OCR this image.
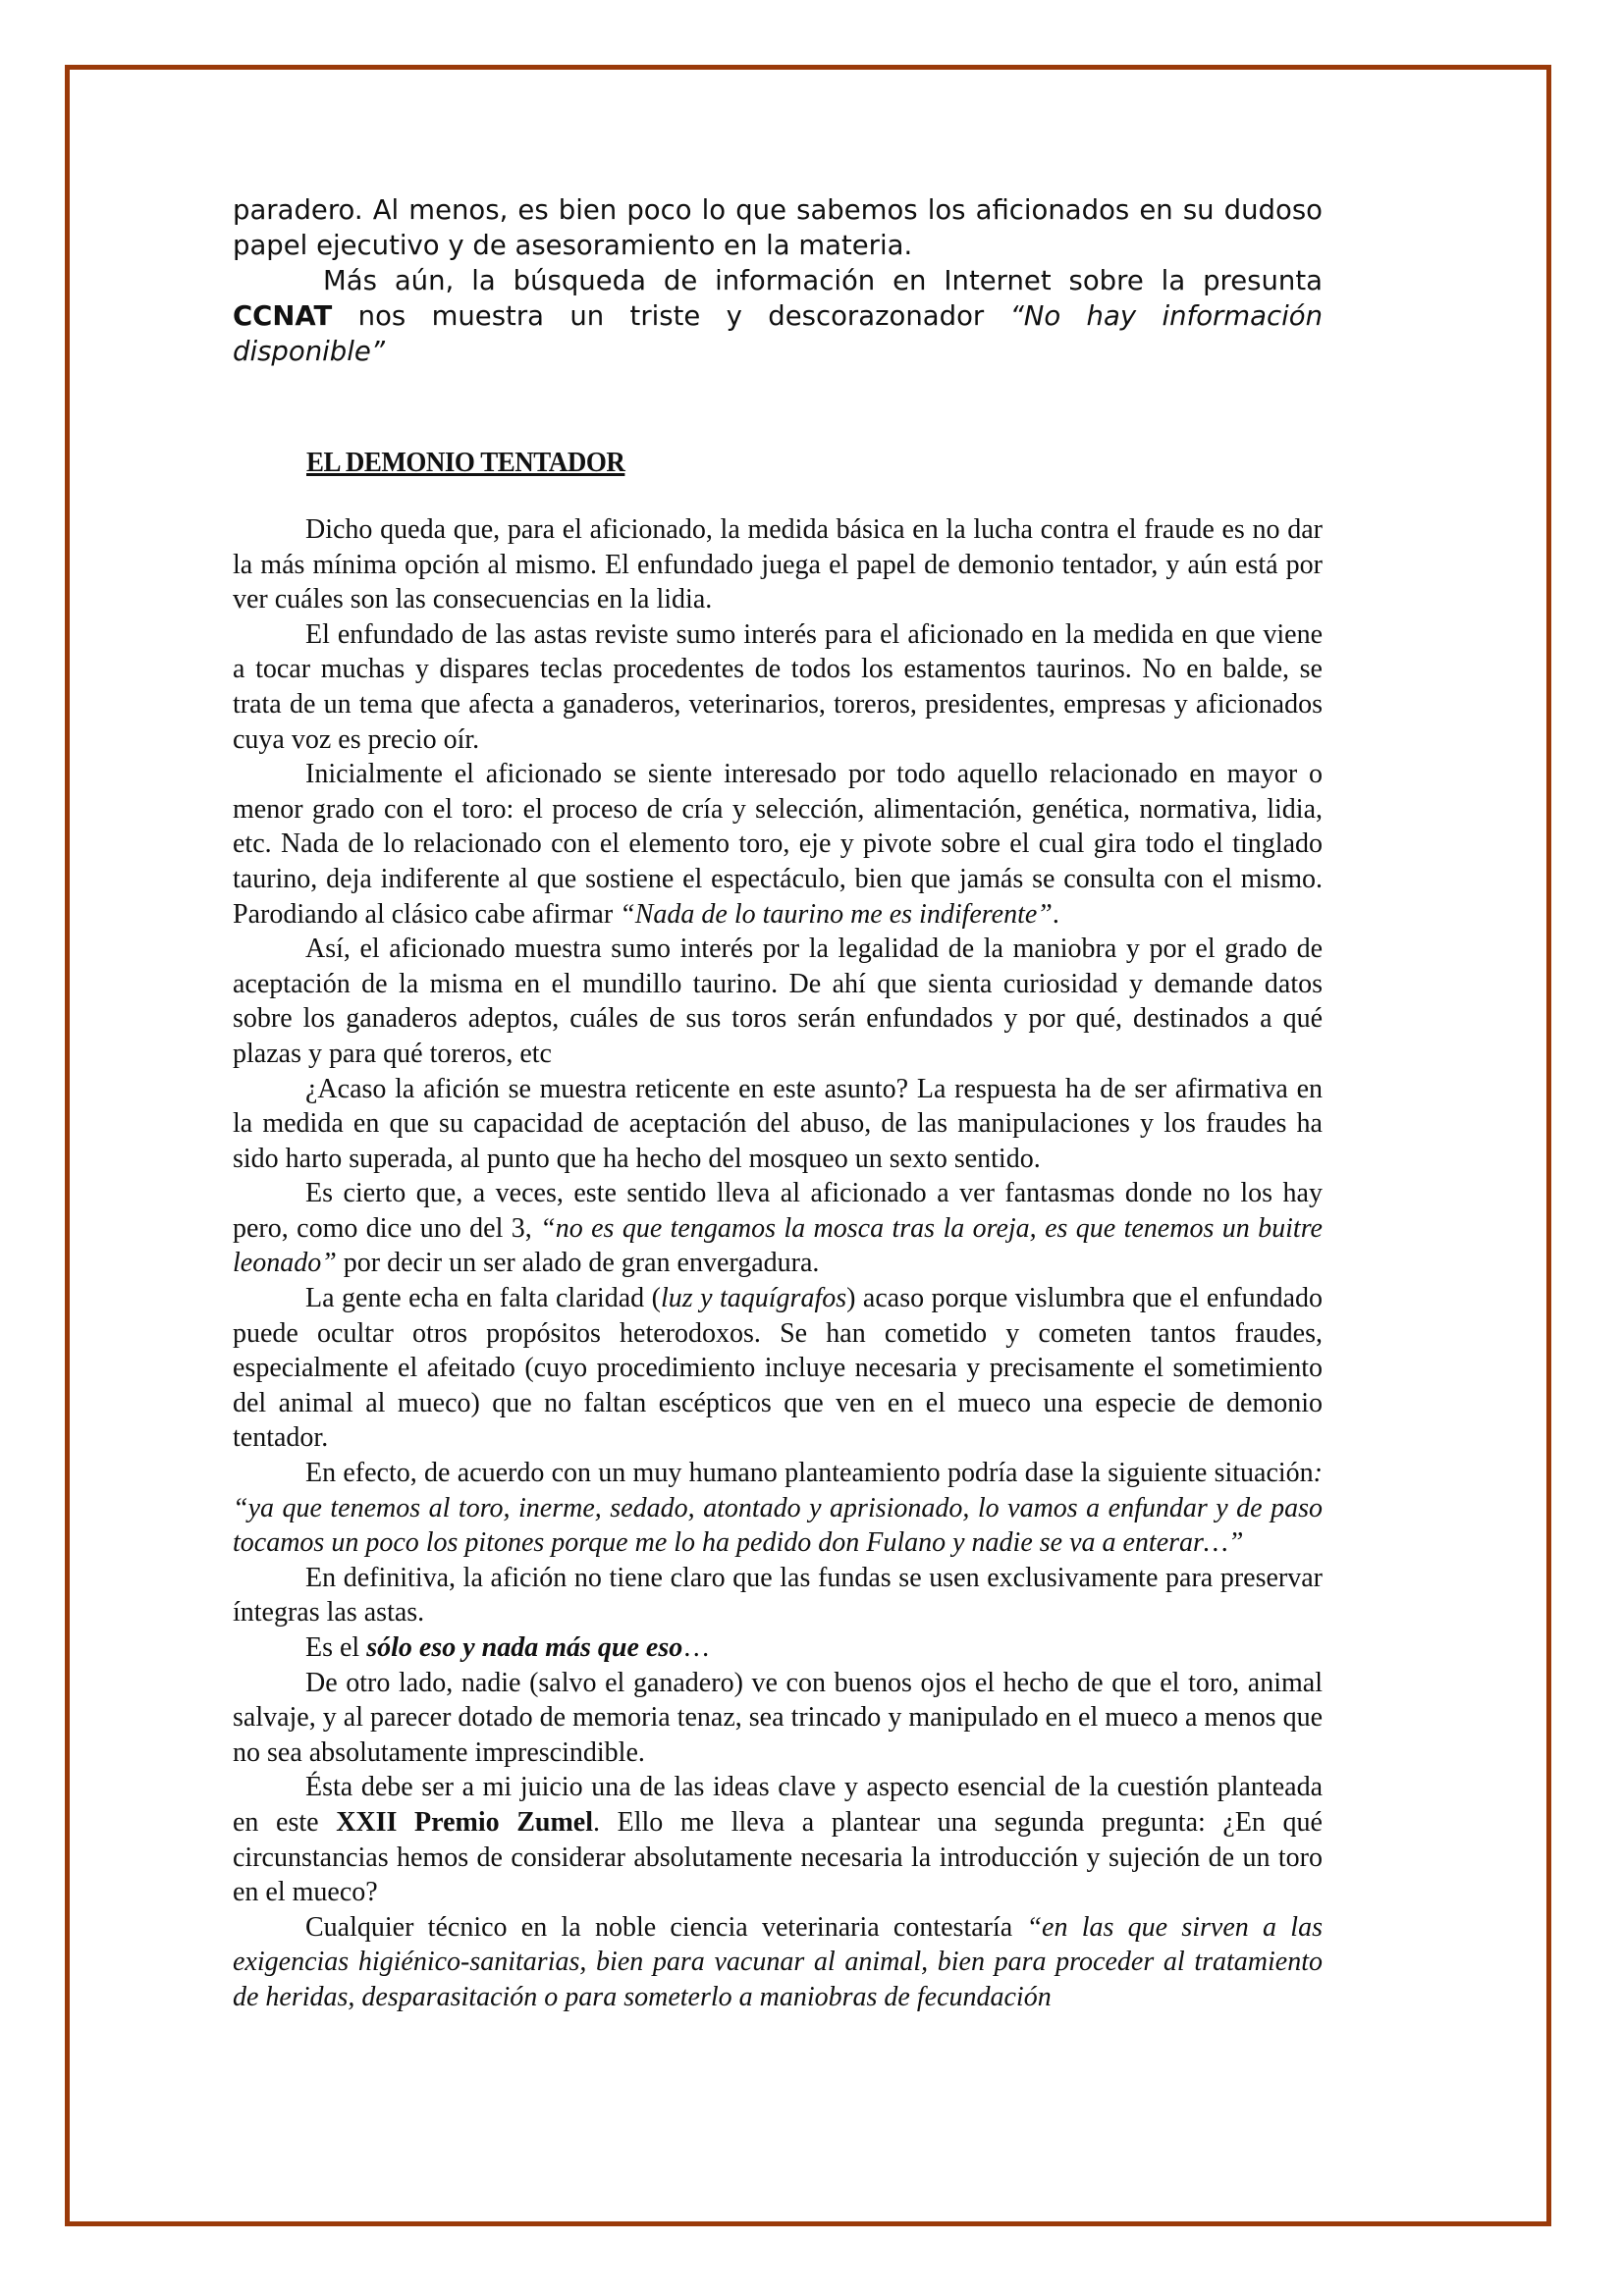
paradero. Al menos, es bien poco lo que sabemos los aficionados en su dudoso papel ejecutivo y de asesoramiento en la materia.

Más aún, la búsqueda de información en Internet sobre la presunta CCNAT nos muestra un triste y descorazonador “No hay información disponible”

EL DEMONIO TENTADOR

Dicho queda que, para el aficionado, la medida básica en la lucha contra el fraude es no dar la más mínima opción al mismo. El enfundado juega el papel de demonio tentador, y aún está por ver cuáles son las consecuencias en la lidia.

El enfundado de las astas reviste sumo interés para el aficionado en la medida en que viene a tocar muchas y dispares teclas procedentes de todos los estamentos taurinos. No en balde, se trata de un tema que afecta a ganaderos, veterinarios, toreros, presidentes, empresas y aficionados cuya voz es precio oír.

Inicialmente el aficionado se siente interesado por todo aquello relacionado en mayor o menor grado con el toro: el proceso de cría y selección, alimentación, genética, normativa, lidia, etc. Nada de lo relacionado con el elemento toro, eje y pivote sobre el cual gira todo el tinglado taurino, deja indiferente al que sostiene el espectáculo, bien que jamás se consulta con el mismo. Parodiando al clásico cabe afirmar “Nada de lo taurino me es indiferente”.

Así, el aficionado muestra sumo interés por la legalidad de la maniobra y por el grado de aceptación de la misma en el mundillo taurino. De ahí que sienta curiosidad y demande datos sobre los ganaderos adeptos, cuáles de sus toros serán enfundados y por qué, destinados a qué plazas y para qué toreros, etc

¿Acaso la afición se muestra reticente en este asunto? La respuesta ha de ser afirmativa en la medida en que su capacidad de aceptación del abuso, de las manipulaciones y los fraudes ha sido harto superada, al punto que ha hecho del mosqueo un sexto sentido.

Es cierto que, a veces, este sentido lleva al aficionado a ver fantasmas donde no los hay pero, como dice uno del 3, “no es que tengamos la mosca tras la oreja, es que tenemos un buitre leonado” por decir un ser alado de gran envergadura.

La gente echa en falta claridad (luz y taquígrafos) acaso porque vislumbra que el enfundado puede ocultar otros propósitos heterodoxos. Se han cometido y cometen tantos fraudes, especialmente el afeitado (cuyo procedimiento incluye necesaria y precisamente el sometimiento del animal al mueco) que no faltan escépticos que ven en el mueco una especie de demonio tentador.

En efecto, de acuerdo con un muy humano planteamiento podría dase la siguiente situación: “ya que tenemos al toro, inerme, sedado, atontado y aprisionado, lo vamos a enfundar y de paso tocamos un poco los pitones porque me lo ha pedido don Fulano y nadie se va a enterar…”

En definitiva, la afición no tiene claro que las fundas se usen exclusivamente para preservar íntegras las astas.

Es el sólo eso y nada más que eso…

De otro lado, nadie (salvo el ganadero) ve con buenos ojos el hecho de que el toro, animal salvaje, y al parecer dotado de memoria tenaz, sea trincado y manipulado en el mueco a menos que no sea absolutamente imprescindible.

Ésta debe ser a mi juicio una de las ideas clave y aspecto esencial de la cuestión planteada en este XXII Premio Zumel. Ello me lleva a plantear una segunda pregunta: ¿En qué circunstancias hemos de considerar absolutamente necesaria la introducción y sujeción de un toro en el mueco?

Cualquier técnico en la noble ciencia veterinaria contestaría “en las que sirven a las exigencias higiénico-sanitarias, bien para vacunar al animal, bien para proceder al tratamiento de heridas, desparasitación o para someterlo a maniobras de fecundación
